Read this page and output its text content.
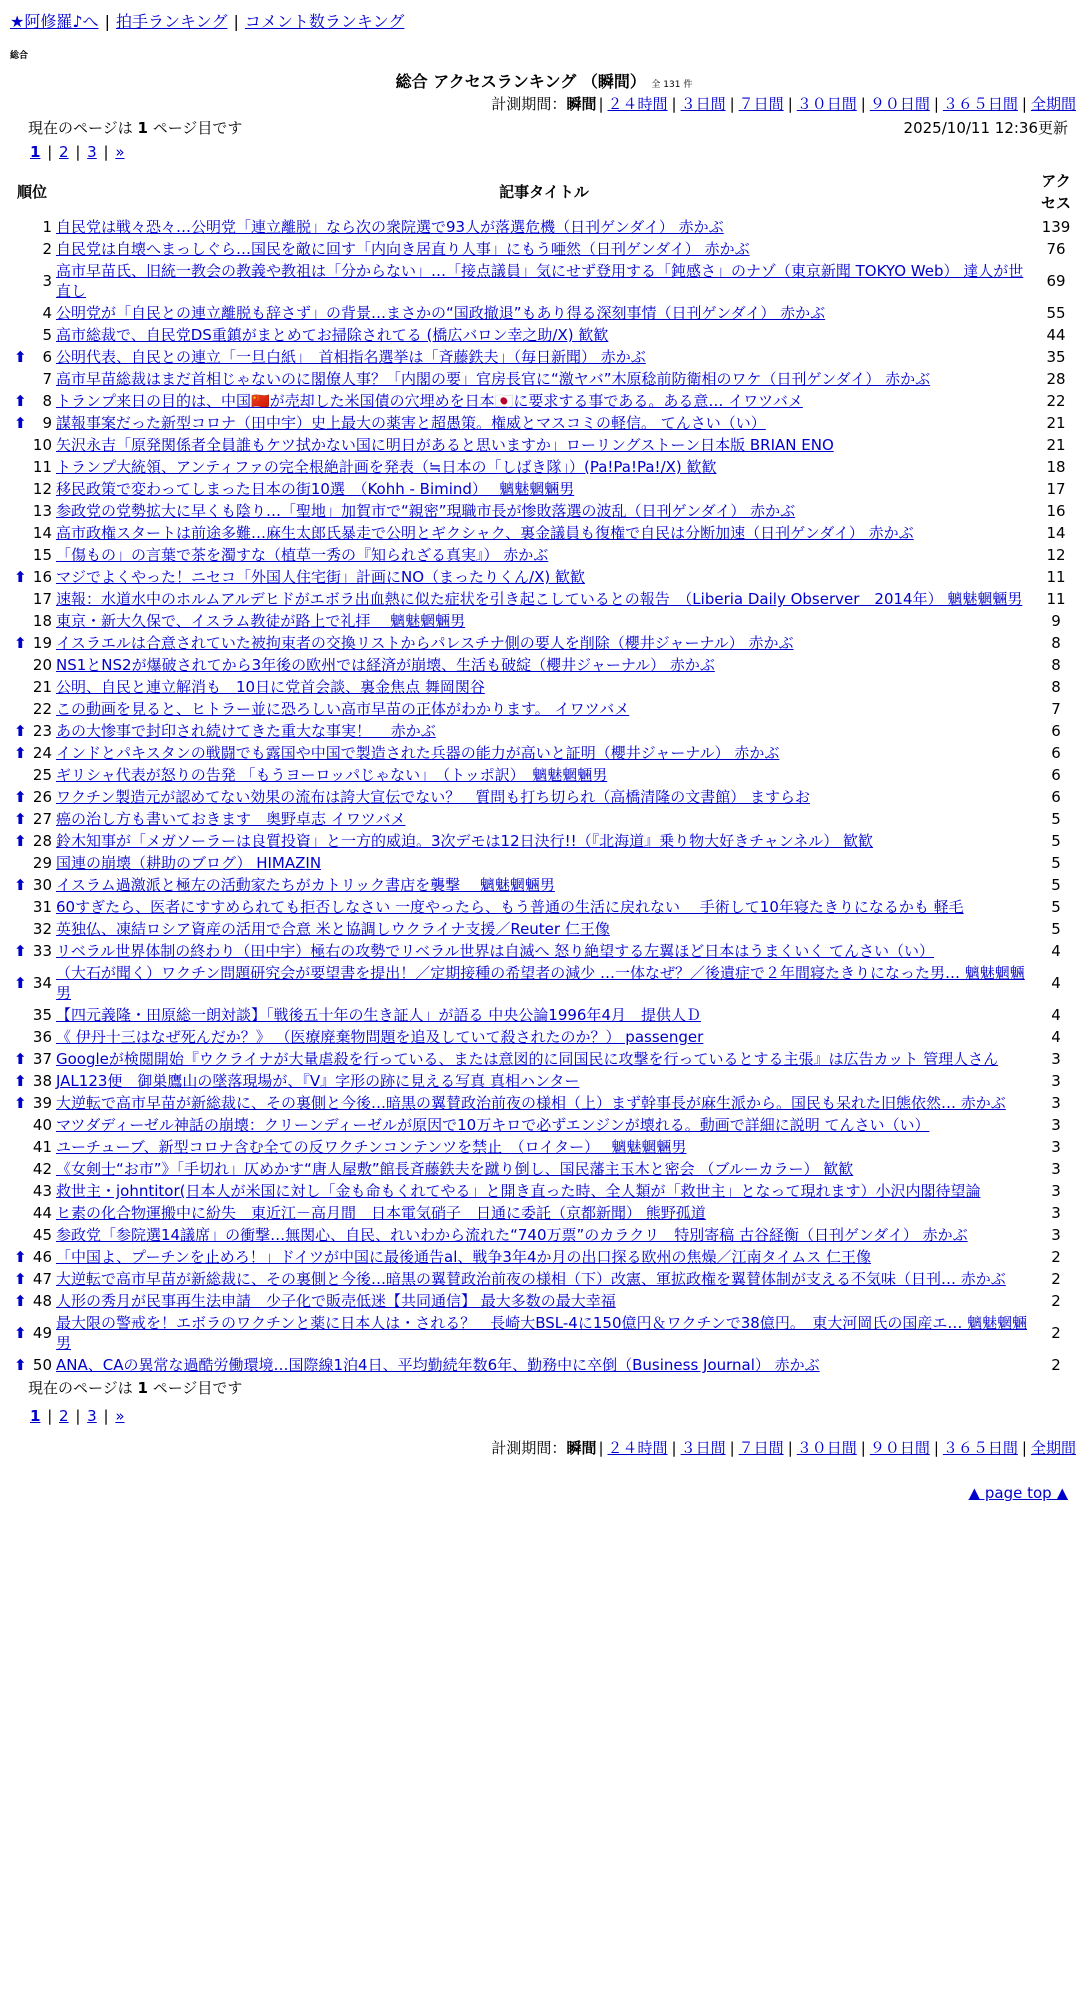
★阿修羅♪へ | 拍手ランキング | コメント数ランキング
総合
総合 アクセスランキング （瞬間） 全 131 件
計測期間：瞬間 | ２４時間 | ３日間 | ７日間 | ３０日間 | ９０日間 | ３６５日間 | 全期間
現在のページは 1 ページ目です	2025/10/11 12:36更新
1 | 2 | 3 | »
順位	記事タイトル	アクセス
1	自民党は戦々恐々…公明党「連立離脱」なら次の衆院選で93人が落選危機（日刊ゲンダイ） 赤かぶ	139
2	自民党は自壊へまっしぐら…国民を敵に回す「内向き居直り人事」にもう唖然（日刊ゲンダイ） 赤かぶ	76
3	高市早苗氏、旧統一教会の教義や教祖は「分からない」…「接点議員」気にせず登用する「鈍感さ」のナゾ（東京新聞 TOKYO Web） 達人が世直し	69
4	公明党が「自民との連立離脱も辞さず」の背景…まさかの“国政撤退”もあり得る深刻事情（日刊ゲンダイ） 赤かぶ	55
5	高市総裁で、自民党DS重鎮がまとめてお掃除されてる (橋広バロン幸之助/X) 歓歓	44

⬆ 6	公明代表、自民との連立「一旦白紙」　首相指名選挙は「斉藤鉄夫」（毎日新聞） 赤かぶ	35
7	高市早苗総裁はまだ首相じゃないのに閣僚人事？「内閣の要」官房長官に“激ヤバ”木原稔前防衛相のワケ（日刊ゲンダイ） 赤かぶ	28

⬆ 8	トランプ来日の目的は、中国🇨🇳が売却した米国債の穴埋めを日本🇯🇵に要求する事である。ある意… イワツバメ	22

⬆ 9	謀報事案だった新型コロナ（田中宇）史上最大の薬害と超愚策。権威とマスコミの軽信。 てんさい（い）	21
10	矢沢永吉「原発関係者全員誰もケツ拭かない国に明日があると思いますか」ローリングストーン日本版 BRIAN ENO	21
11	トランプ大統領、アンティファの完全根絶計画を発表（≒日本の「しばき隊」）(Pa!Pa!Pa!/X) 歓歓	18
12	移民政策で変わってしまった日本の街10選　（Kohh - Bimind）　 魑魅魍魎男	17
13	参政党の党勢拡大に早くも陰り…「聖地」加賀市で“親密”現職市長が惨敗落選の波乱（日刊ゲンダイ） 赤かぶ	16
14	高市政権スタートは前途多難…麻生太郎氏暴走で公明とギクシャク、裏金議員も復権で自民は分断加速（日刊ゲンダイ） 赤かぶ	14
15	「傷もの」の言葉で茶を濁すな（植草一秀の『知られざる真実』） 赤かぶ	12

⬆ 16	マジでよくやった！ニセコ「外国人住宅街」計画にNO（まったりくん/X) 歓歓	11
17	速報：水道水中のホルムアルデヒドがエボラ出血熱に似た症状を引き起こしているとの報告　（Liberia Daily Observer　2014年） 魑魅魍魎男	11
18	東京・新大久保で、イスラム教徒が路上で礼拝　 魑魅魍魎男	9

⬆ 19	イスラエルは合意されていた被拘束者の交換リストからパレスチナ側の要人を削除（櫻井ジャーナル） 赤かぶ	8
20	NS1とNS2が爆破されてから3年後の欧州では経済が崩壊、生活も破綻（櫻井ジャーナル） 赤かぶ	8
21	公明、自民と連立解消も　10日に党首会談、裏金焦点 舞岡関谷	8
22	この動画を見ると、ヒトラー並に恐ろしい高市早苗の正体がわかります。 イワツバメ	7

⬆ 23	あの大惨事で封印され続けてきた重大な事実！　 赤かぶ	6

⬆ 24	インドとパキスタンの戦闘でも露国や中国で製造された兵器の能力が高いと証明（櫻井ジャーナル） 赤かぶ	6
25	ギリシャ代表が怒りの告発 「もうヨーロッパじゃない」　（トッポ訳）　魑魅魍魎男	6

⬆ 26	ワクチン製造元が認めてない効果の流布は誇大宣伝でない？　質問も打ち切られ（高橋清隆の文書館） ますらお	6

⬆ 27	癌の治し方も書いておきます　奥野卓志 イワツバメ	5

⬆ 28	鈴木知事が「メガソーラーは良質投資」と一方的威迫。3次デモは12日決行!!（『北海道』乗り物大好きチャンネル） 歓歓	5
29	国連の崩壊（耕助のブログ） HIMAZIN	5

⬆ 30	イスラム過激派と極左の活動家たちがカトリック書店を襲撃　 魑魅魍魎男	5
31	60すぎたら、医者にすすめられても拒否しなさい 一度やったら、もう普通の生活に戻れない　 手術して10年寝たきりになるかも 軽毛	5
32	英独仏、凍結ロシア資産の活用で合意 米と協調しウクライナ支援／Reuter 仁王像	5

⬆ 33	リベラル世界体制の終わり（田中宇）極右の攻勢でリベラル世界は自滅へ 怒り絶望する左翼ほど日本はうまくいく てんさい（い）	4

⬆ 34	（大石が聞く）ワクチン問題研究会が要望書を提出！／定期接種の希望者の減少 …一体なぜ？／後遺症で２年間寝たきりになった男… 魑魅魍魎男	4
35	【四元義隆・田原総一朗対談】「戦後五十年の生き証人」が語る 中央公論1996年4月　提供人Ｄ	4
36	《 伊丹十三はなぜ死んだか？》 （医療廃棄物問題を追及していて殺されたのか？） passenger	4

⬆ 37	Googleが検閲開始『ウクライナが大量虐殺を行っている、または意図的に同国民に攻撃を行っているとする主張』は広告カット 管理人さん	3

⬆ 38	JAL123便　御巣鷹山の墜落現場が、『V』字形の跡に見える写真 真相ハンター	3

⬆ 39	大逆転で高市早苗が新総裁に、その裏側と今後…暗黒の翼賛政治前夜の様相（上）まず幹事長が麻生派から。国民も呆れた旧態依然… 赤かぶ	3
40	マツダディーゼル神話の崩壊：クリーンディーゼルが原因で10万キロで必ずエンジンが壊れる。動画で詳細に説明 てんさい（い）	3
41	ユーチューブ、新型コロナ含む全ての反ワクチンコンテンツを禁止　（ロイター）　 魑魅魍魎男	3
42	《女剣士“お市”》「手切れ」仄めかす“唐人屋敷”館長斉藤鉄夫を蹴り倒し、国民藩主玉木と密会 （ブルーカラー） 歓歓	3
43	救世主・johntitor(日本人が米国に対し「金も命もくれてやる」と開き直った時、全人類が「救世主」となって現れます）小沢内閣待望論	3
44	ヒ素の化合物運搬中に紛失　東近江－高月間　日本電気硝子　日通に委託（京都新聞） 熊野孤道	3
45	参政党「参院選14議席」の衝撃…無関心、自民、れいわから流れた“740万票”のカラクリ　特別寄稿 古谷経衡（日刊ゲンダイ） 赤かぶ	3

⬆ 46	「中国よ、プーチンを止めろ！」ドイツが中国に最後通告al、戦争3年4か月の出口探る欧州の焦燥／江南タイムス 仁王像	2

⬆ 47	大逆転で高市早苗が新総裁に、その裏側と今後…暗黒の翼賛政治前夜の様相（下）改憲、軍拡政権を翼賛体制が支える不気味（日刊… 赤かぶ	2

⬆ 48	人形の秀月が民事再生法申請　少子化で販売低迷【共同通信】 最大多数の最大幸福	2

⬆ 49	最大限の警戒を！エボラのワクチンと薬に日本人は・される？　長崎大BSL-4に150億円＆ワクチンで38億円。　東大河岡氏の国産エ… 魑魅魍魎男	2

⬆ 50	ANA、CAの異常な過酷労働環境…国際線1泊4日、平均勤続年数6年、勤務中に卒倒（Business Journal） 赤かぶ	2
現在のページは 1 ページ目です
1 | 2 | 3 | »
計測期間：瞬間 | ２４時間 | ３日間 | ７日間 | ３０日間 | ９０日間 | ３６５日間 | 全期間
▲ page top ▲
